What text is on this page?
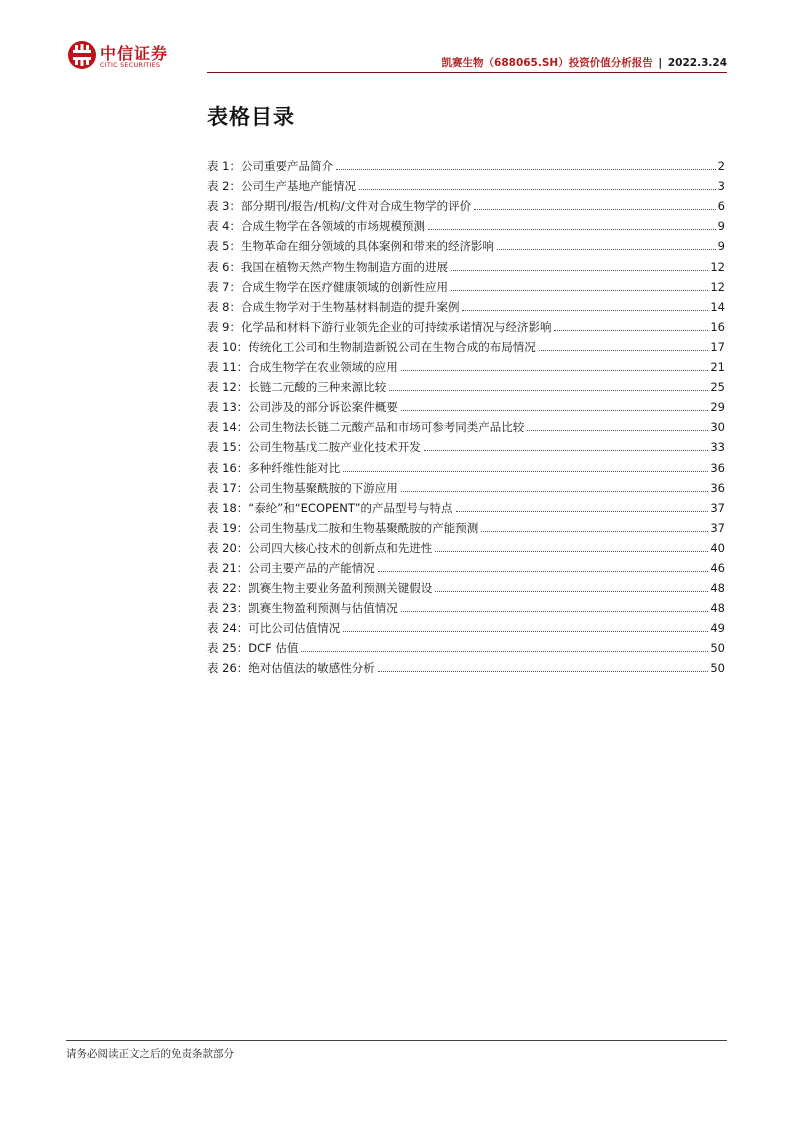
中信证券
CITIC SECURITIES	凯赛生物（688065.SH）投资价值分析报告 | 2022.3.24
表格目录
表 1：公司重要产品简介	2
表 2：公司生产基地产能情况	3
表 3：部分期刊/报告/机构/文件对合成生物学的评价	6
表 4：合成生物学在各领域的市场规模预测	9
表 5：生物革命在细分领域的具体案例和带来的经济影响	9
表 6：我国在植物天然产物生物制造方面的进展	12
表 7：合成生物学在医疗健康领域的创新性应用	12
表 8：合成生物学对于生物基材料制造的提升案例	14
表 9：化学品和材料下游行业领先企业的可持续承诺情况与经济影响	16
表 10：传统化工公司和生物制造新锐公司在生物合成的布局情况	17
表 11：合成生物学在农业领域的应用	21
表 12：长链二元酸的三种来源比较	25
表 13：公司涉及的部分诉讼案件概要	29
表 14：公司生物法长链二元酸产品和市场可参考同类产品比较	30
表 15：公司生物基戊二胺产业化技术开发	33
表 16：多种纤维性能对比	36
表 17：公司生物基聚酰胺的下游应用	36
表 18：“泰纶”和“ECOPENT”的产品型号与特点	37
表 19：公司生物基戊二胺和生物基聚酰胺的产能预测	37
表 20：公司四大核心技术的创新点和先进性	40
表 21：公司主要产品的产能情况	46
表 22：凯赛生物主要业务盈利预测关键假设	48
表 23：凯赛生物盈利预测与估值情况	48
表 24：可比公司估值情况	49
表 25：DCF 估值	50
表 26：绝对估值法的敏感性分析	50
请务必阅读正文之后的免责条款部分
